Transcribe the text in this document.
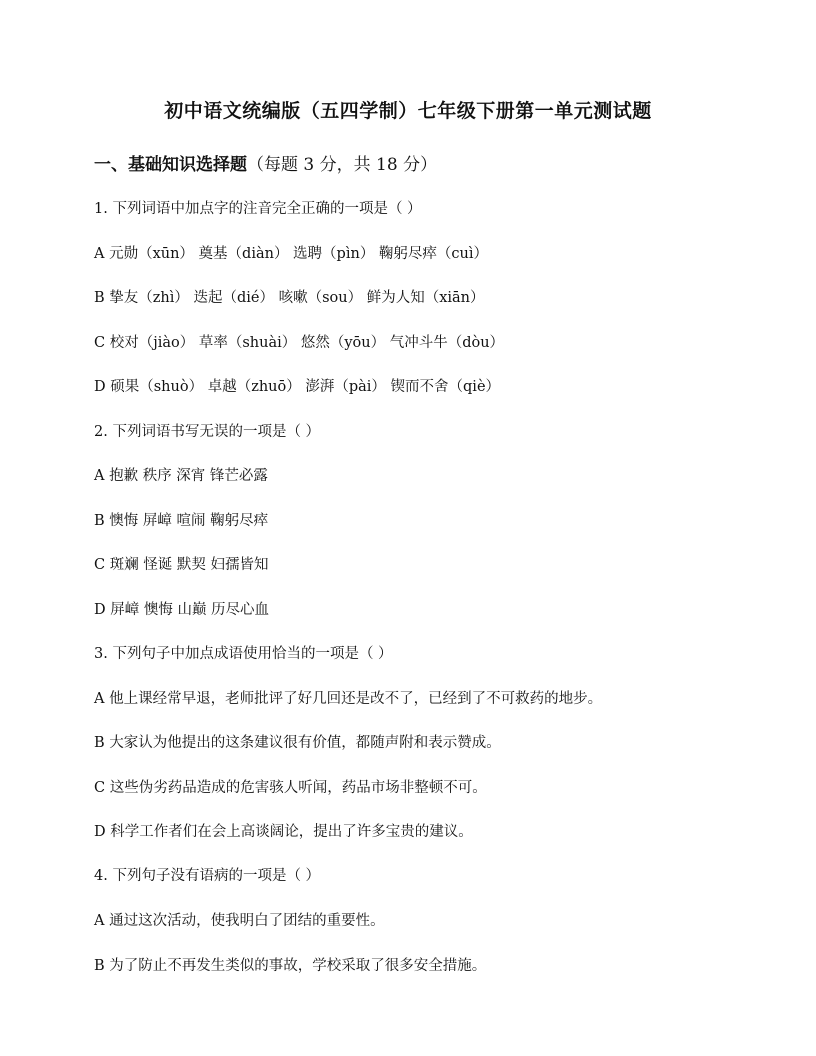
初中语文统编版（五四学制）七年级下册第一单元测试题
一、基础知识选择题（每题 3 分，共 18 分）
1. 下列词语中加点字的注音完全正确的一项是（ ）
A 元勋（xūn） 奠基（diàn） 选聘（pìn） 鞠躬尽瘁（cuì）
B 挚友（zhì） 迭起（dié） 咳嗽（sou） 鲜为人知（xiān）
C 校对（jiào） 草率（shuài） 悠然（yōu） 气冲斗牛（dòu）
D 硕果（shuò） 卓越（zhuō） 澎湃（pài） 锲而不舍（qiè）
2. 下列词语书写无误的一项是（ ）
A 抱歉 秩序 深宵 锋芒必露
B 懊悔 屏嶂 喧闹 鞠躬尽瘁
C 斑斓 怪诞 默契 妇孺皆知
D 屏嶂 懊悔 山巅 历尽心血
3. 下列句子中加点成语使用恰当的一项是（ ）
A 他上课经常早退，老师批评了好几回还是改不了，已经到了不可救药的地步。
B 大家认为他提出的这条建议很有价值，都随声附和表示赞成。
C 这些伪劣药品造成的危害骇人听闻，药品市场非整顿不可。
D 科学工作者们在会上高谈阔论，提出了许多宝贵的建议。
4. 下列句子没有语病的一项是（ ）
A 通过这次活动，使我明白了团结的重要性。
B 为了防止不再发生类似的事故，学校采取了很多安全措施。
